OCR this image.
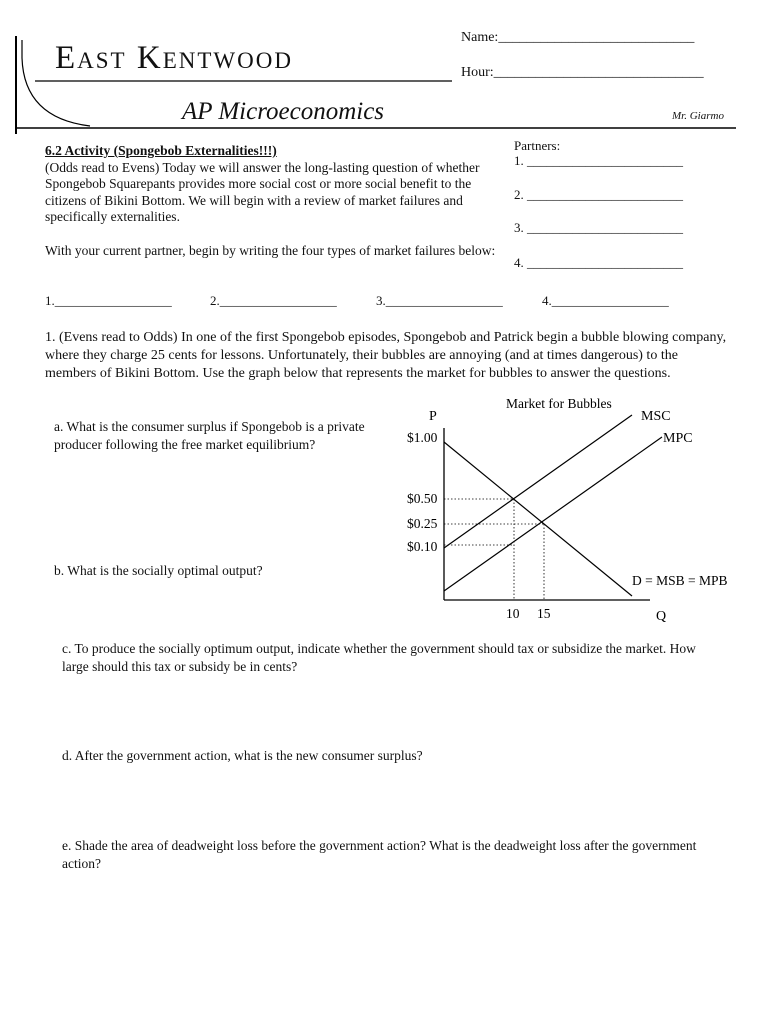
East Kentwood
AP Microeconomics	Mr. Giarmo
Name:____________________________
Hour:______________________________
6.2 Activity (Spongebob Externalities!!!)
(Odds read to Evens) Today we will answer the long-lasting question of whether Spongebob Squarepants provides more social cost or more social benefit to the citizens of Bikini Bottom. We will begin with a review of market failures and specifically externalities.
With your current partner, begin by writing the four types of market failures below:
Partners:
1. ________________________
2. ________________________
3. ________________________
4. ________________________
1.__________________	2.__________________	3.__________________	4.__________________
1. (Evens read to Odds) In one of the first Spongebob episodes, Spongebob and Patrick begin a bubble blowing company, where they charge 25 cents for lessons. Unfortunately, their bubbles are annoying (and at times dangerous) to the members of Bikini Bottom. Use the graph below that represents the market for bubbles to answer the questions.
a. What is the consumer surplus if Spongebob is a private producer following the free market equilibrium?
b. What is the socially optimal output?
c. To produce the socially optimum output, indicate whether the government should tax or subsidize the market. How large should this tax or subsidy be in cents?
d. After the government action, what is the new consumer surplus?
e. Shade the area of deadweight loss before the government action? What is the deadweight loss after the government action?
Market for Bubbles
P
Q
$1.00
$0.50
$0.25
$0.10
10 15
MSC
MPC
D = MSB = MPB
